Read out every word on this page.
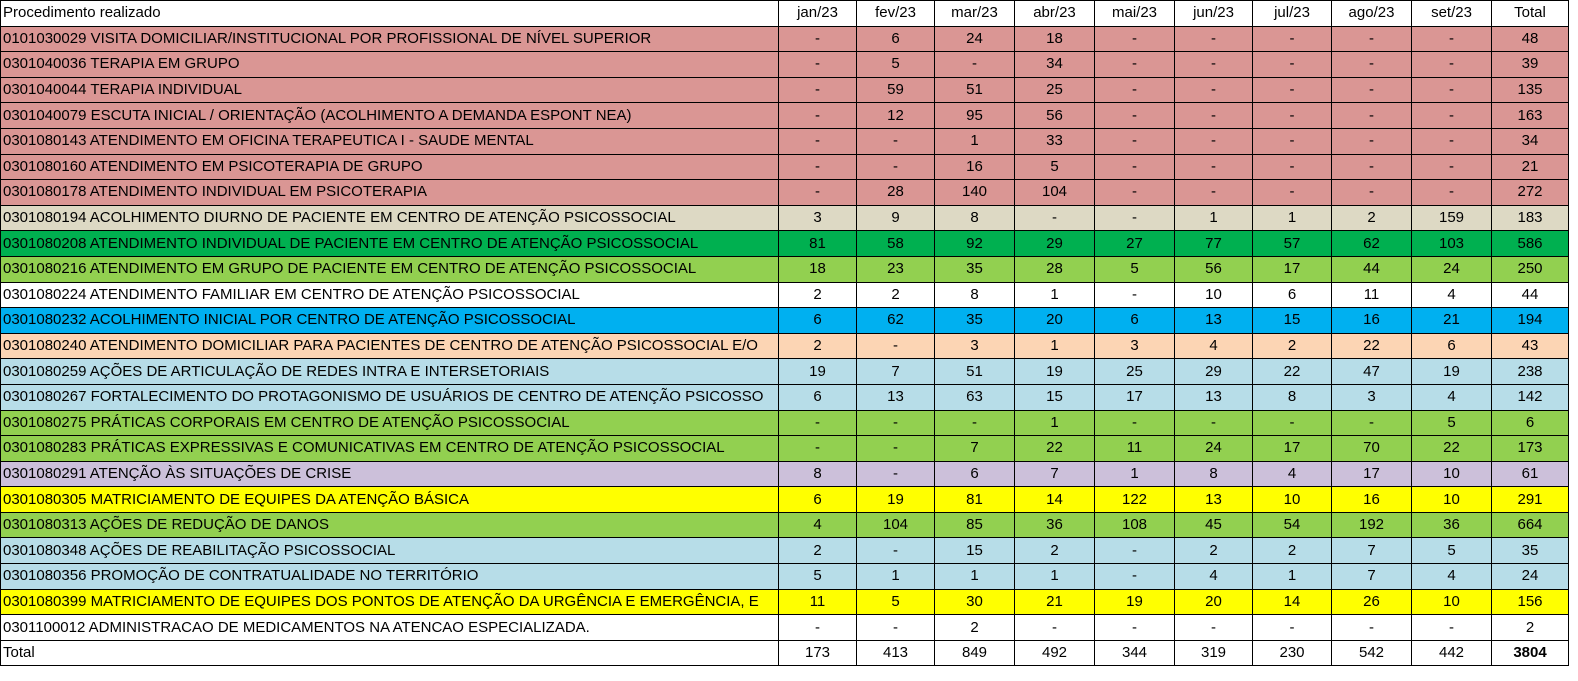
Procedimento realizado	jan/23	fev/23	mar/23	abr/23	mai/23	jun/23	jul/23	ago/23	set/23	Total
0101030029 VISITA DOMICILIAR/INSTITUCIONAL POR PROFISSIONAL DE NÍVEL SUPERIOR	-	6	24	18	-	-	-	-	-	48
0301040036 TERAPIA EM GRUPO	-	5	-	34	-	-	-	-	-	39
0301040044 TERAPIA INDIVIDUAL	-	59	51	25	-	-	-	-	-	135
0301040079 ESCUTA INICIAL / ORIENTAÇÃO (ACOLHIMENTO A DEMANDA ESPONT NEA)	-	12	95	56	-	-	-	-	-	163
0301080143 ATENDIMENTO EM OFICINA TERAPEUTICA I - SAUDE MENTAL	-	-	1	33	-	-	-	-	-	34
0301080160 ATENDIMENTO EM PSICOTERAPIA DE GRUPO	-	-	16	5	-	-	-	-	-	21
0301080178 ATENDIMENTO INDIVIDUAL EM PSICOTERAPIA	-	28	140	104	-	-	-	-	-	272
0301080194 ACOLHIMENTO DIURNO DE PACIENTE EM CENTRO DE ATENÇÃO PSICOSSOCIAL	3	9	8	-	-	1	1	2	159	183
0301080208 ATENDIMENTO INDIVIDUAL DE PACIENTE EM CENTRO DE ATENÇÃO PSICOSSOCIAL	81	58	92	29	27	77	57	62	103	586
0301080216 ATENDIMENTO EM GRUPO DE PACIENTE EM CENTRO DE ATENÇÃO PSICOSSOCIAL	18	23	35	28	5	56	17	44	24	250
0301080224 ATENDIMENTO FAMILIAR EM CENTRO DE ATENÇÃO PSICOSSOCIAL	2	2	8	1	-	10	6	11	4	44
0301080232 ACOLHIMENTO INICIAL POR CENTRO DE ATENÇÃO PSICOSSOCIAL	6	62	35	20	6	13	15	16	21	194
0301080240 ATENDIMENTO DOMICILIAR PARA PACIENTES DE CENTRO DE ATENÇÃO PSICOSSOCIAL E/O	2	-	3	1	3	4	2	22	6	43
0301080259 AÇÕES DE ARTICULAÇÃO DE REDES INTRA E INTERSETORIAIS	19	7	51	19	25	29	22	47	19	238
0301080267 FORTALECIMENTO DO PROTAGONISMO DE USUÁRIOS DE CENTRO DE ATENÇÃO PSICOSSO	6	13	63	15	17	13	8	3	4	142
0301080275 PRÁTICAS CORPORAIS EM CENTRO DE ATENÇÃO PSICOSSOCIAL	-	-	-	1	-	-	-	-	5	6
0301080283 PRÁTICAS EXPRESSIVAS E COMUNICATIVAS EM CENTRO DE ATENÇÃO PSICOSSOCIAL	-	-	7	22	11	24	17	70	22	173
0301080291 ATENÇÃO ÀS SITUAÇÕES DE CRISE	8	-	6	7	1	8	4	17	10	61
0301080305 MATRICIAMENTO DE EQUIPES DA ATENÇÃO BÁSICA	6	19	81	14	122	13	10	16	10	291
0301080313 AÇÕES DE REDUÇÃO DE DANOS	4	104	85	36	108	45	54	192	36	664
0301080348 AÇÕES DE REABILITAÇÃO PSICOSSOCIAL	2	-	15	2	-	2	2	7	5	35
0301080356 PROMOÇÃO DE CONTRATUALIDADE NO TERRITÓRIO	5	1	1	1	-	4	1	7	4	24
0301080399 MATRICIAMENTO DE EQUIPES DOS PONTOS DE ATENÇÃO DA URGÊNCIA E EMERGÊNCIA, E	11	5	30	21	19	20	14	26	10	156
0301100012 ADMINISTRACAO DE MEDICAMENTOS NA ATENCAO ESPECIALIZADA.	-	-	2	-	-	-	-	-	-	2
Total	173	413	849	492	344	319	230	542	442	3804
